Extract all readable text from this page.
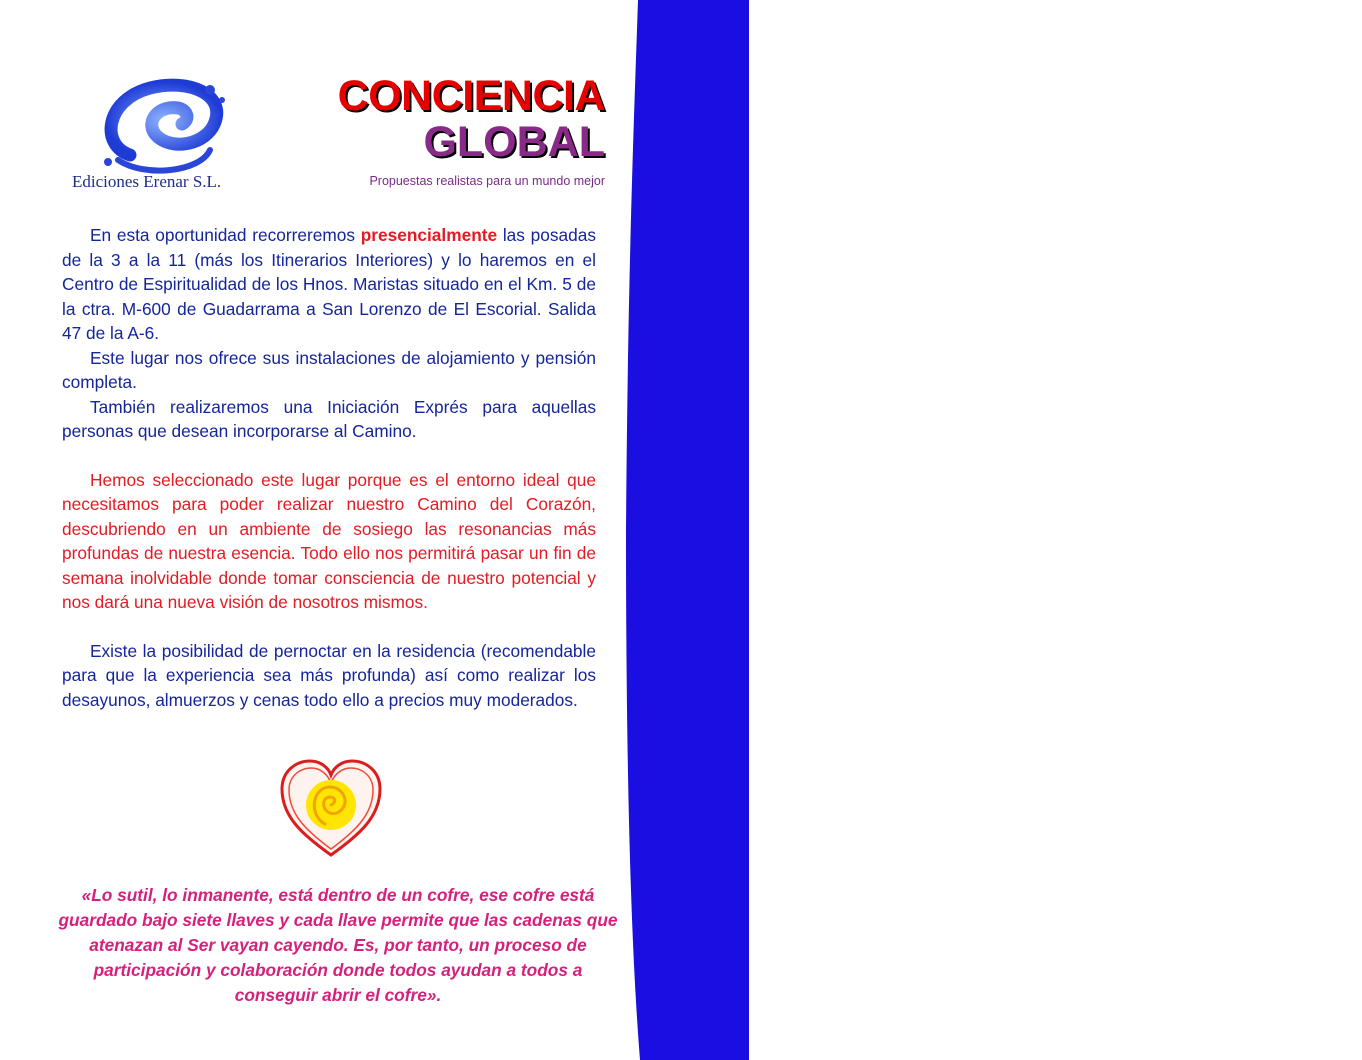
Curso/Taller:
«Posadas 3 a la 11 más itinerarios interiores del Camino del Corazón»
Ediciones Erenar S.L.
CONCIENCIA
GLOBAL
Propuestas realistas para un mundo mejor

En esta oportunidad recorreremos presencialmente las posadas de la 3 a la 11 (más los Itinerarios Interiores) y lo haremos en el Centro de Espiritualidad de los Hnos. Maristas situado en el Km. 5 de la ctra. M-600 de Guadarrama a San Lorenzo de El Escorial. Salida 47 de la A-6.

Este lugar nos ofrece sus instalaciones de alojamiento y pensión completa.

También realizaremos una Iniciación Exprés para aquellas personas que desean incorporarse al Camino.

Hemos seleccionado este lugar porque es el entorno ideal que necesitamos para poder realizar nuestro Camino del Corazón, descubriendo en un ambiente de sosiego las resonancias más profundas de nuestra esencia. Todo ello nos permitirá pasar un fin de semana inolvidable donde tomar consciencia de nuestro potencial y nos dará una nueva visión de nosotros mismos.

Existe la posibilidad de pernoctar en la residencia (recomendable para que la experiencia sea más profunda) así como realizar los desayunos, almuerzos y cenas todo ello a precios muy moderados.

«Lo sutil, lo inmanente, está dentro de un cofre, ese cofre está guardado bajo siete llaves y cada llave permite que las cadenas que atenazan al Ser vayan cayendo. Es, por tanto, un proceso de participación y colaboración donde todos ayudan a todos a conseguir abrir el cofre».
